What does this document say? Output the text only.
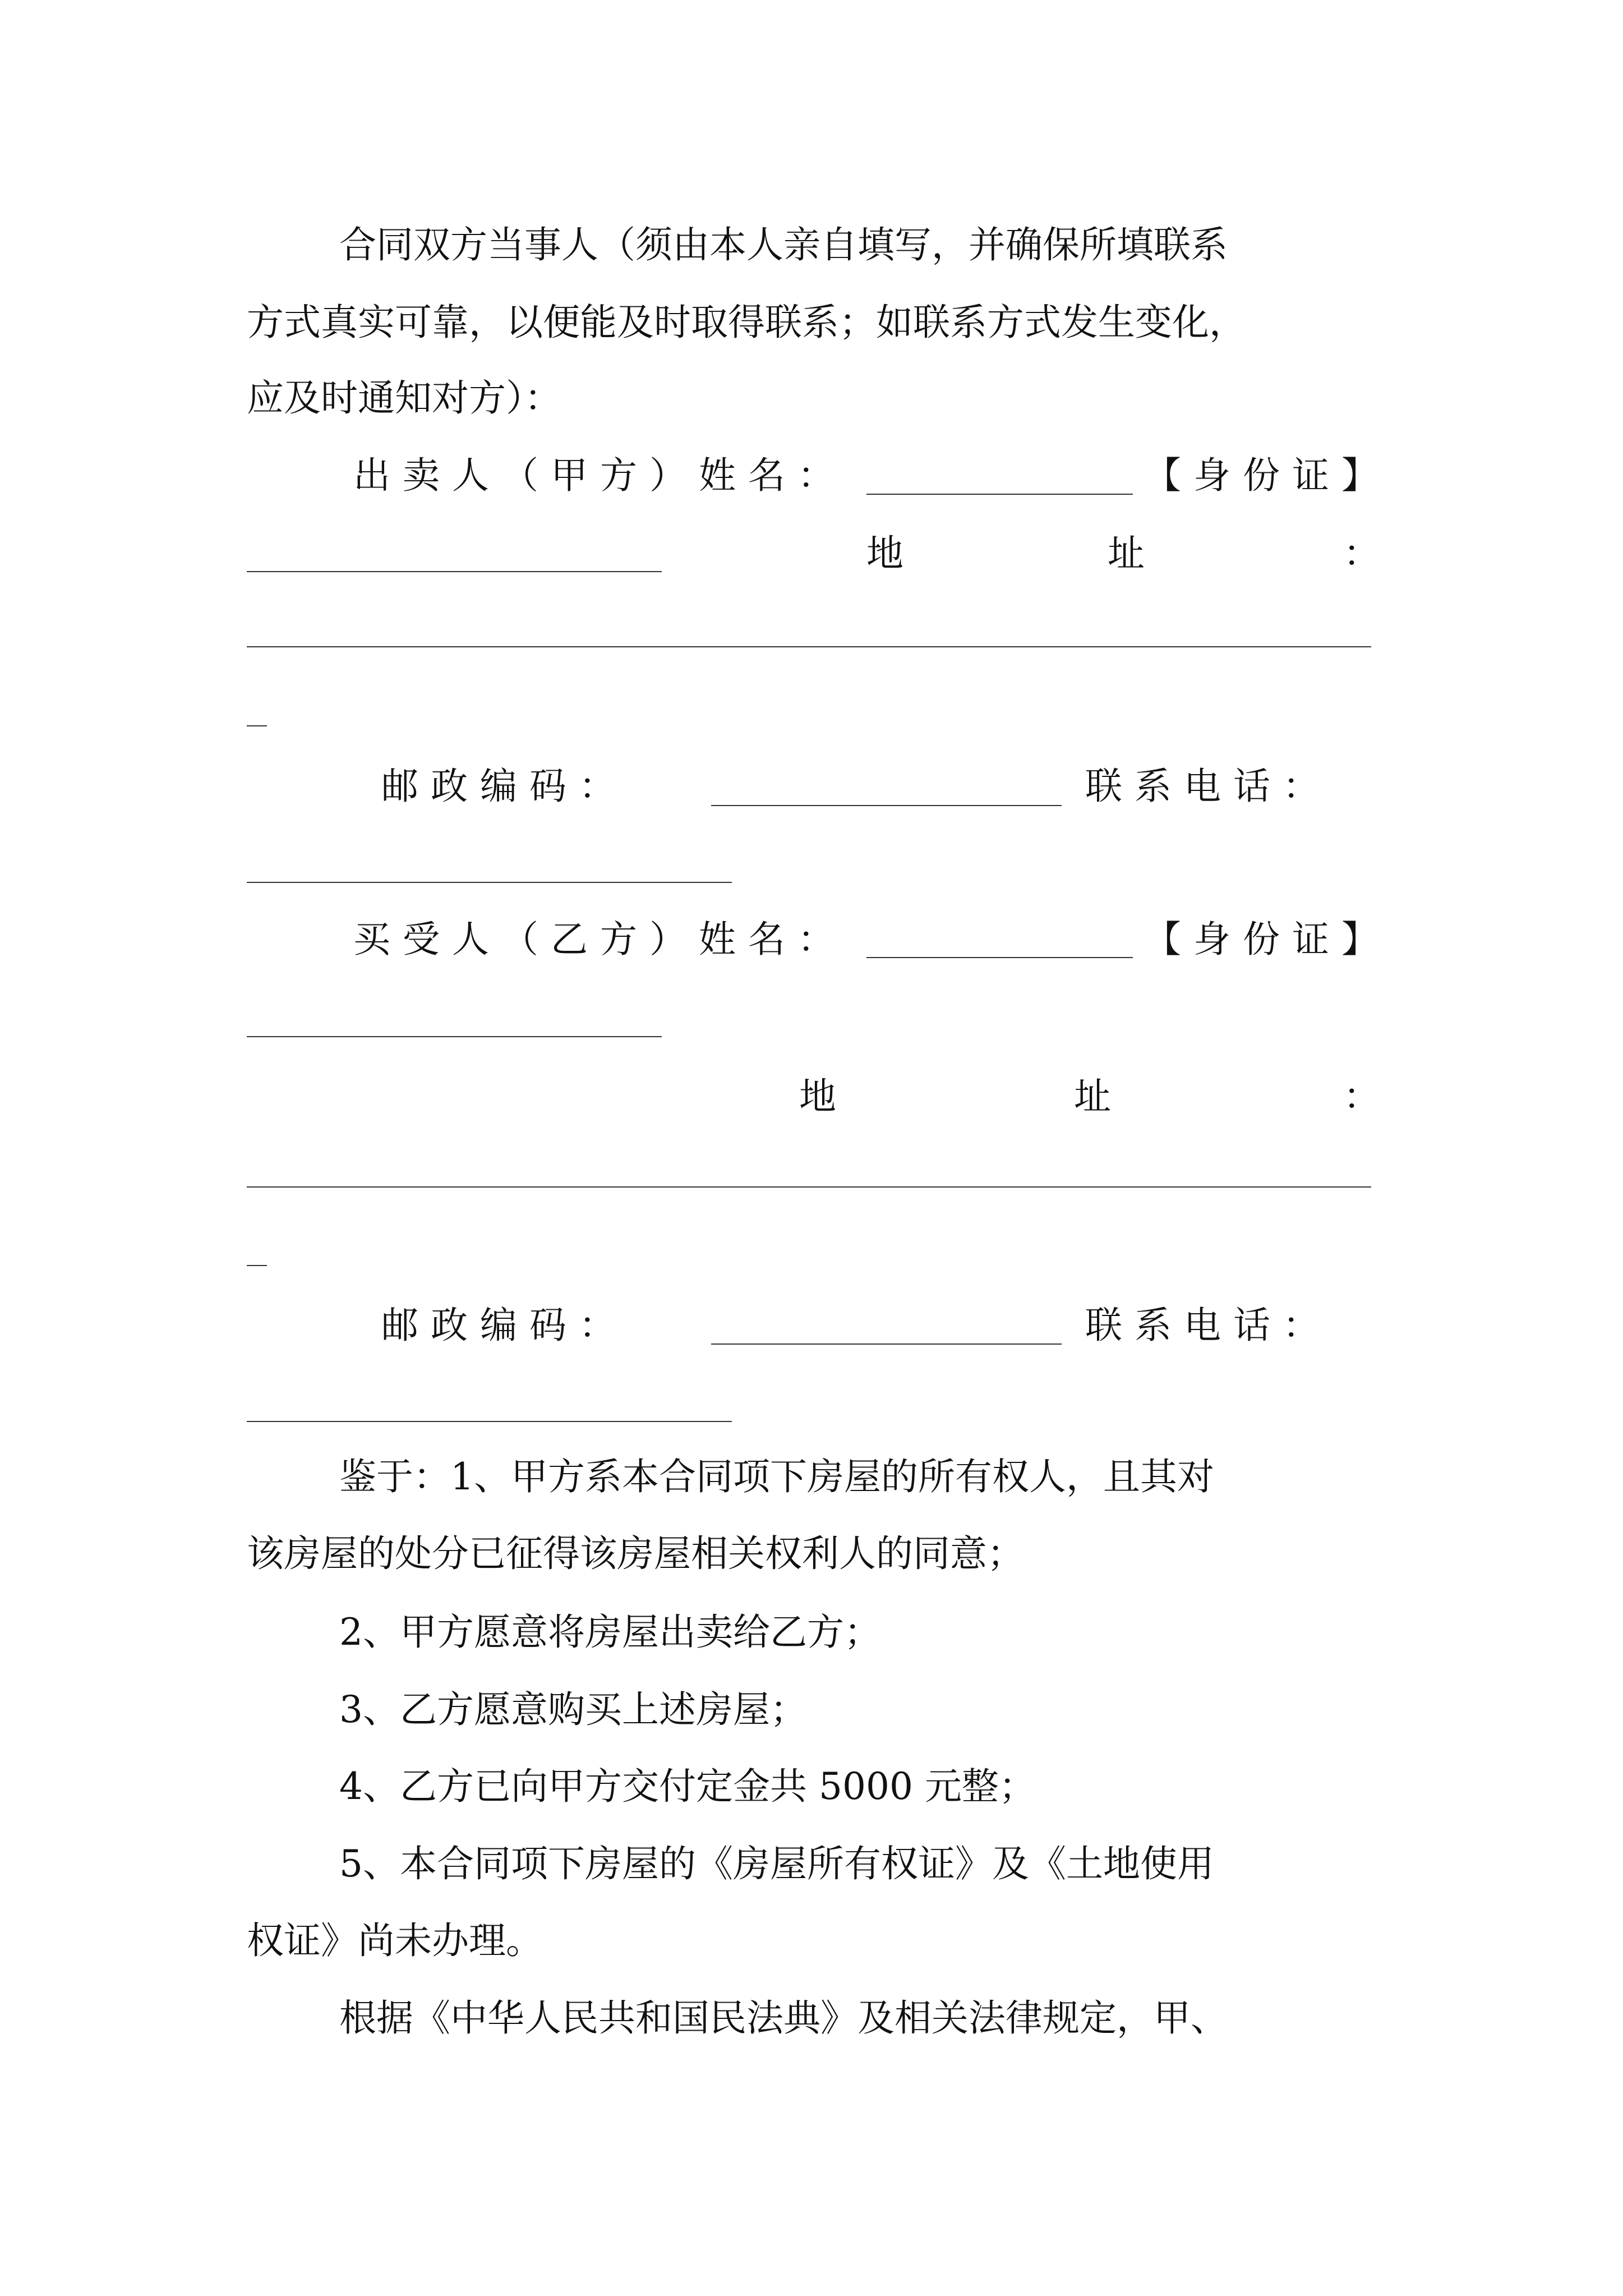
合同双方当事人（须由本人亲自填写，并确保所填联系
方式真实可靠，以便能及时取得联系；如联系方式发生变化，
应及时通知对方）：
出卖人（甲方）姓名：	【身份证】
地	址	：
邮政编码：	联系电话：
买受人（乙方）姓名：	【身份证】
地	址	：
邮政编码：	联系电话：
鉴于：1、甲方系本合同项下房屋的所有权人，且其对
该房屋的处分已征得该房屋相关权利人的同意；
2、甲方愿意将房屋出卖给乙方；
3、乙方愿意购买上述房屋；
4、乙方已向甲方交付定金共 5000 元整；
5、本合同项下房屋的《房屋所有权证》及《土地使用
权证》尚未办理。
根据《中华人民共和国民法典》及相关法律规定，甲、
